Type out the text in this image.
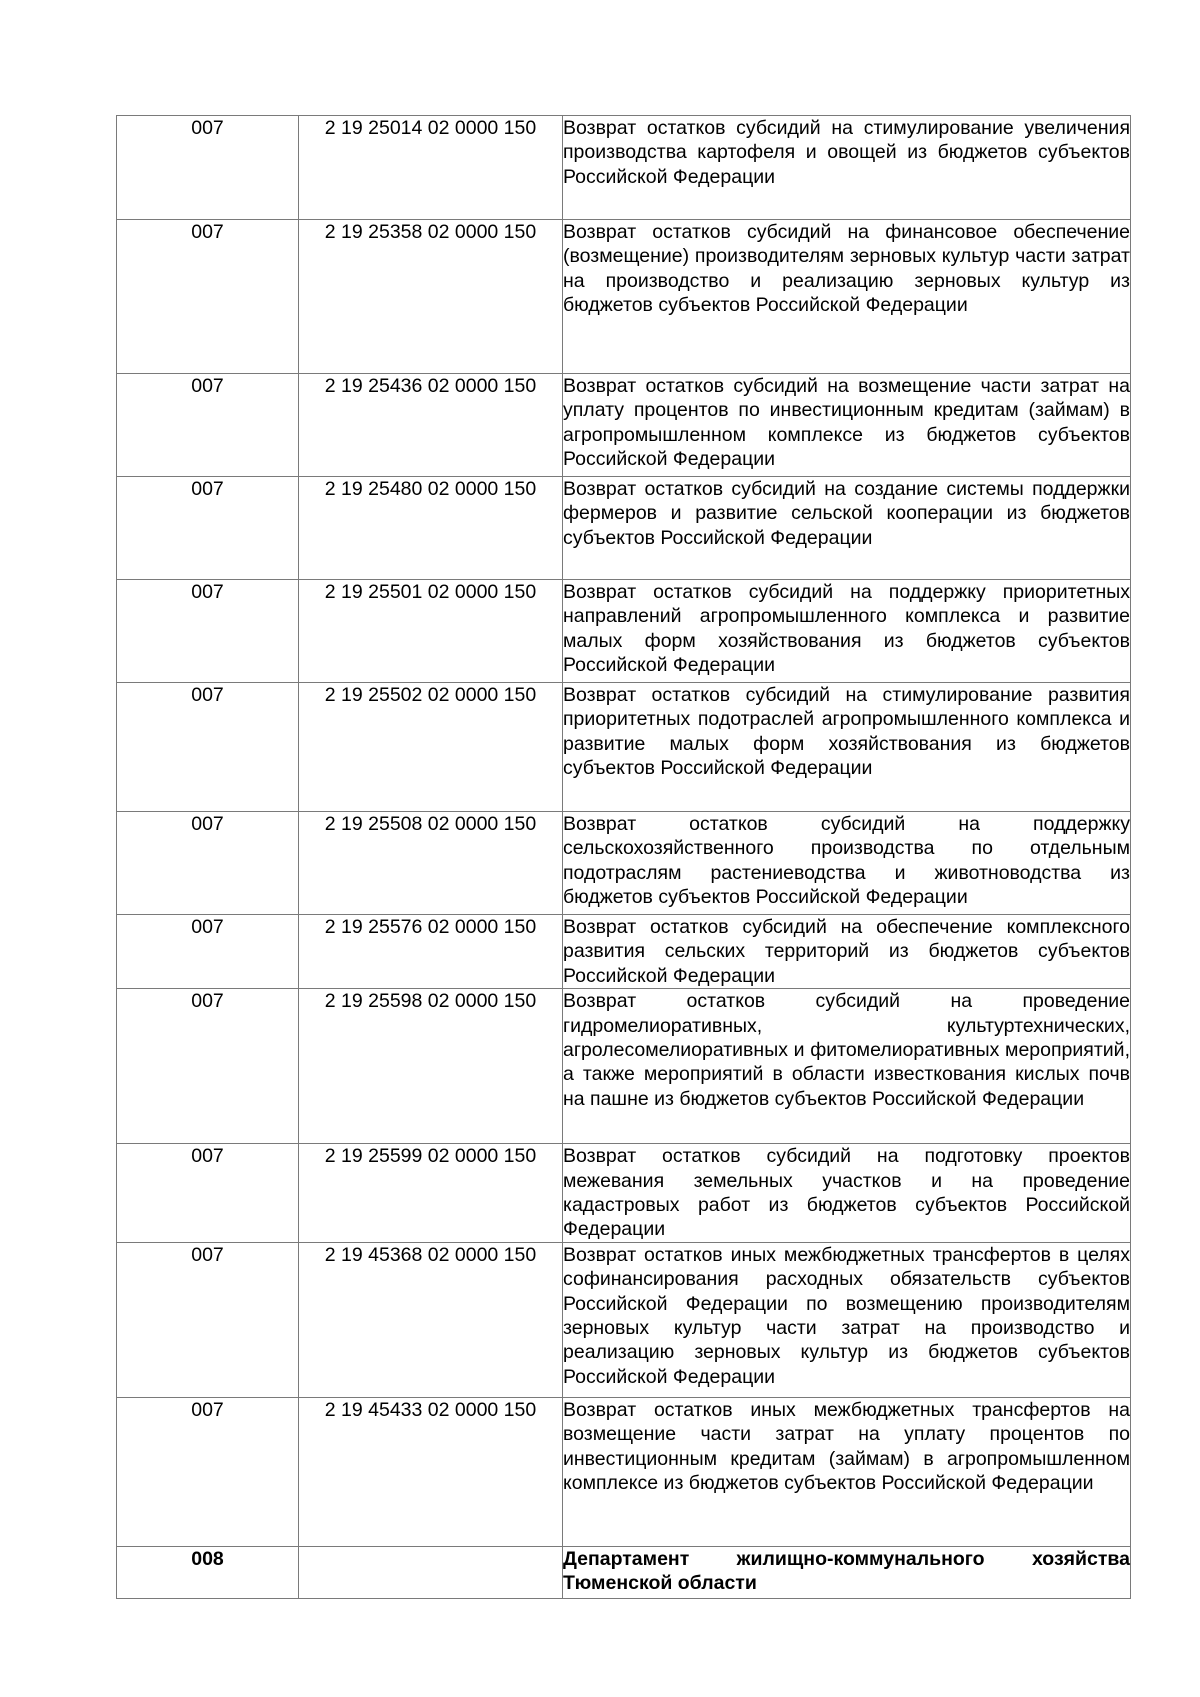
007	2 19 25014 02 0000 150	Возврат остатков субсидий на стимулирование увеличения производства картофеля и овощей из бюджетов субъектов Российской Федерации
007	2 19 25358 02 0000 150	Возврат остатков субсидий на финансовое обеспечение (возмещение) производителям зерновых культур части затрат на производство и реализацию зерновых культур из бюджетов субъектов Российской Федерации
007	2 19 25436 02 0000 150	Возврат остатков субсидий на возмещение части затрат на уплату процентов по инвестиционным кредитам (займам) в агропромышленном комплексе из бюджетов субъектов Российской Федерации
007	2 19 25480 02 0000 150	Возврат остатков субсидий на создание системы поддержки фермеров и развитие сельской кооперации из бюджетов субъектов Российской Федерации
007	2 19 25501 02 0000 150	Возврат остатков субсидий на поддержку приоритетных направлений агропромышленного комплекса и развитие малых форм хозяйствования из бюджетов субъектов Российской Федерации
007	2 19 25502 02 0000 150	Возврат остатков субсидий на стимулирование развития приоритетных подотраслей агропромышленного комплекса и развитие малых форм хозяйствования из бюджетов субъектов Российской Федерации
007	2 19 25508 02 0000 150	Возврат остатков субсидий на поддержку сельскохозяйственного производства по отдельным подотраслям растениеводства и животноводства из бюджетов субъектов Российской Федерации
007	2 19 25576 02 0000 150	Возврат остатков субсидий на обеспечение комплексного развития сельских территорий из бюджетов субъектов Российской Федерации
007	2 19 25598 02 0000 150	Возврат остатков субсидий на проведение гидромелиоративных, культуртехнических, агролесомелиоративных и фитомелиоративных мероприятий, а также мероприятий в области известкования кислых почв на пашне из бюджетов субъектов Российской Федерации
007	2 19 25599 02 0000 150	Возврат остатков субсидий на подготовку проектов межевания земельных участков и на проведение кадастровых работ из бюджетов субъектов Российской Федерации
007	2 19 45368 02 0000 150	Возврат остатков иных межбюджетных трансфертов в целях софинансирования расходных обязательств субъектов Российской Федерации по возмещению производителям зерновых культур части затрат на производство и реализацию зерновых культур из бюджетов субъектов Российской Федерации
007	2 19 45433 02 0000 150	Возврат остатков иных межбюджетных трансфертов на возмещение части затрат на уплату процентов по инвестиционным кредитам (займам) в агропромышленном комплексе из бюджетов субъектов Российской Федерации
008		Департамент жилищно-коммунального хозяйства Тюменской области
